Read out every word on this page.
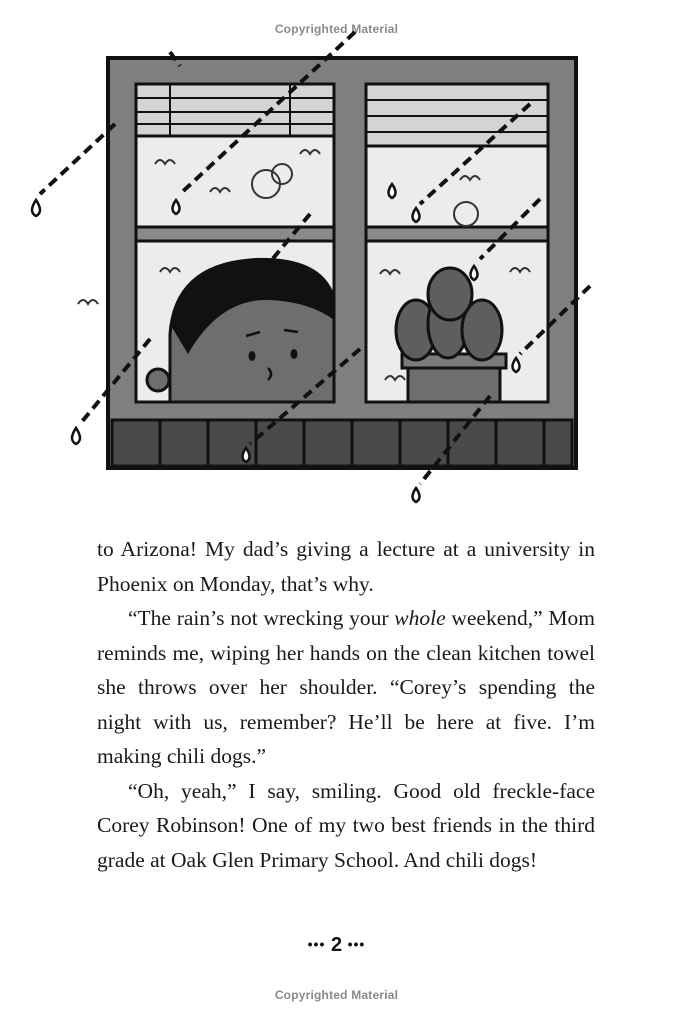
Copyrighted Material

to Arizona! My dad’s giving a lecture at a university in Phoenix on Monday, that’s why.

“The rain’s not wrecking your whole weekend,” Mom reminds me, wiping her hands on the clean kitchen towel she throws over her shoulder. “Corey’s spending the night with us, remember? He’ll be here at five. I’m making chili dogs.”

“Oh, yeah,” I say, smiling. Good old freckle-face Corey Robinson! One of my two best friends in the third grade at Oak Glen Primary School. And chili dogs!

••• 2 •••
Copyrighted Material
